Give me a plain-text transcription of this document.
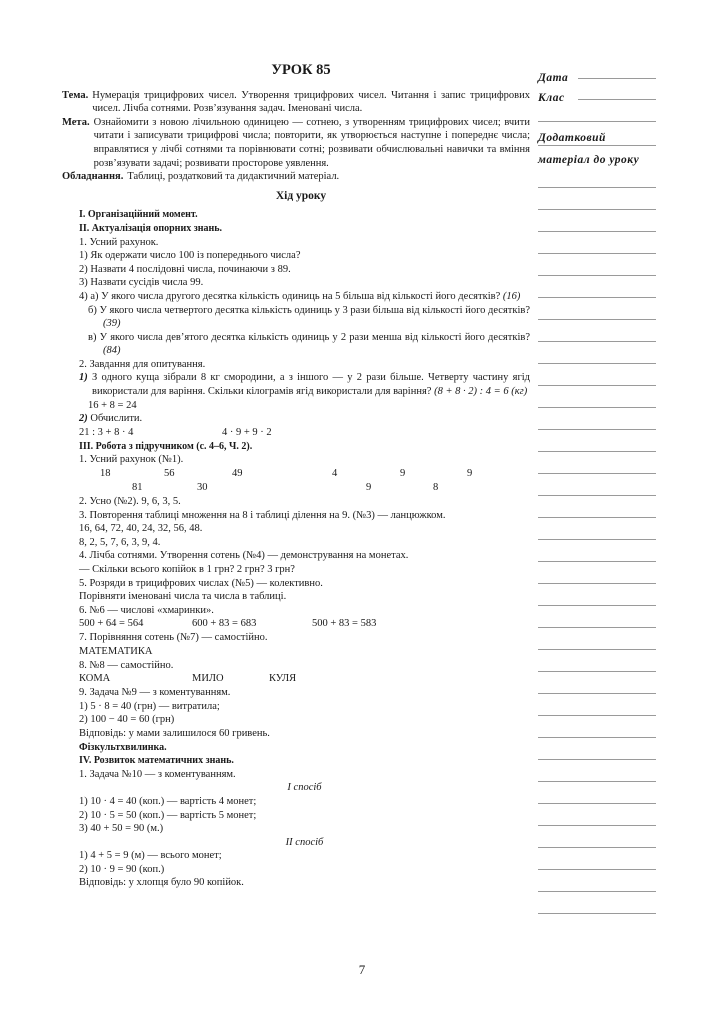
УРОК 85
Тема. Нумерація трицифрових чисел. Утворення трицифрових чисел. Читання і запис трицифрових чисел. Лічба сотнями. Розв’язування задач. Іменовані числа.
Мета. Ознайомити з новою лічильною одиницею — сотнею, з утворенням трицифрових чисел; вчити читати і записувати трицифрові числа; повторити, як утворюється наступне і попереднє числа; вправлятися у лічбі сотнями та порівнювати сотні; розвивати обчислювальні навички та вміння розв’язувати задачі; розвивати просторове уявлення.
Обладнання. Таблиці, роздатковий та дидактичний матеріал.
Хід уроку
I. Організаційний момент.
II. Актуалізація опорних знань.
1. Усний рахунок.
1) Як одержати число 100 із попереднього числа?
2) Назвати 4 послідовні числа, починаючи з 89.
3) Назвати сусідів числа 99.
4) а) У якого числа другого десятка кількість одиниць на 5 більша від кількості його десятків? (16)
б) У якого числа четвертого десятка кількість одиниць у 3 рази більша від кількості його десятків? (39)
в) У якого числа дев’ятого десятка кількість одиниць у 2 рази менша від кількості його десятків? (84)
2. Завдання для опитування.
1) З одного куща зібрали 8 кг смородини, а з іншого — у 2 рази більше. Четверту частину ягід використали для варіння. Скільки кілограмів ягід використали для варіння? (8 + 8 · 2) : 4 = 6 (кг)
16 + 8 = 24
2) Обчислити.
21 : 3 + 8 · 4	4 · 9 + 9 · 2
III. Робота з підручником (с. 4–6, Ч. 2).
1. Усний рахунок (№1).
18	56	49	4	9	9
81	30	9	8
2. Усно (№2). 9, 6, 3, 5.
3. Повторення таблиці множення на 8 і таблиці ділення на 9. (№3) — ланцюжком.
16, 64, 72, 40, 24, 32, 56, 48.
8, 2, 5, 7, 6, 3, 9, 4.
4. Лічба сотнями. Утворення сотень (№4) — демонстрування на монетах.
— Скільки всього копійок в 1 грн? 2 грн? 3 грн?
5. Розряди в трицифрових числах (№5) — колективно.
Порівняти іменовані числа та числа в таблиці.
6. №6 — числові «хмаринки».
500 + 64 = 564	600 + 83 = 683	500 + 83 = 583
7. Порівняння сотень (№7) — самостійно.
МАТЕМАТИКА
8. №8 — самостійно.
КОМА	МИЛО	КУЛЯ
9. Задача №9 — з коментуванням.
1) 5 · 8 = 40 (грн) — витратила;
2) 100 − 40 = 60 (грн)
Відповідь: у мами залишилося 60 гривень.
Фізкультхвилинка.
IV. Розвиток математичних знань.
1. Задача №10 — з коментуванням.
I спосіб
1) 10 · 4 = 40 (коп.) — вартість 4 монет;
2) 10 · 5 = 50 (коп.) — вартість 5 монет;
3) 40 + 50 = 90 (м.)
II спосіб
1) 4 + 5 = 9 (м) — всього монет;
2) 10 · 9 = 90 (коп.)
Відповідь: у хлопця було 90 копійок.
Дата
Клас
Додатковий
матеріал до уроку
7
